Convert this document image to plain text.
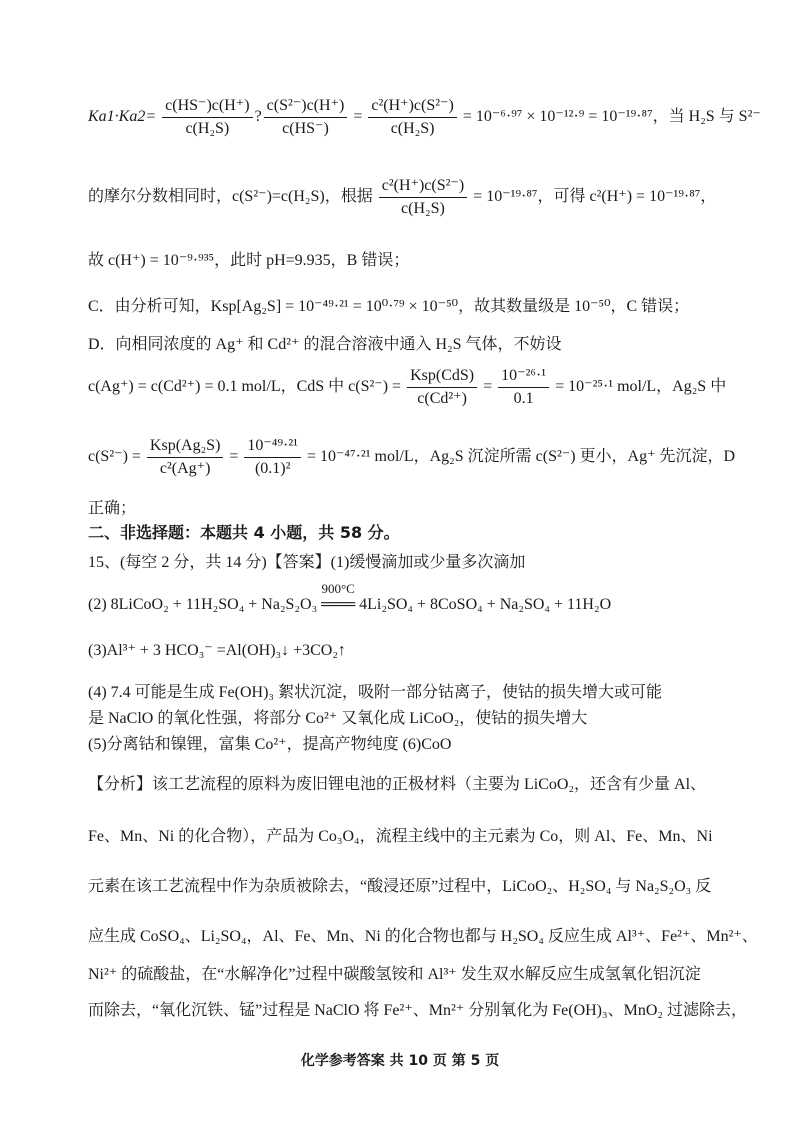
$Ka1\cdot Ka2= \frac{c(HS^-)c(H^+)}{\text{c(H₂S)}}$ ? $\frac{\text{c(S²⁻)c(H⁺)}}{c(HS^-)} = \frac{\text{c²(H⁺)c(S²⁻)}}{\text{c(H₂S)}} = 10^{-6}\cdot^{97} \times 10^{-12}\cdot^9 = 10^{-19}\cdot^{87}$，当 H₂S 与 S²⁻
的摩尔分数相同时，c(S²⁻)=c(H₂S)，根据 $\frac{\text{c²(H⁺)c(S²⁻)}}{\text{c(H₂S)}} = 10^{-19}\cdot^{87}$，可得 c²(H⁺) = 10⁻¹⁹·⁸⁷，
故 c(H⁺) = 10⁻⁹·⁹³⁵，此时 pH=9.935，B 错误；
C．由分析可知，Ksp[Ag₂S] = 10⁻⁴⁹·²¹ = 10⁰·⁷⁹ × 10⁻⁵⁰，故其数量级是 10⁻⁵⁰，C 错误；
D．向相同浓度的 Ag⁺ 和 Cd²⁺ 的混合溶液中通入 H₂S 气体，不妨设
c(Ag⁺) = c(Cd²⁺) = 0.1 mol/L，CdS 中 $c(S^{2-}) = \frac{\text{Ksp(CdS)}}{\text{c(Cd²⁺)}} = \frac{\text{10⁻²⁶·¹}}{0.1} = 10^{-25}\cdot^1$ mol/L，Ag₂S 中
$c(S^{2-}) = \frac{\text{Ksp(Ag₂S)}}{\text{c²(Ag⁺)}} = \frac{\text{10⁻⁴⁹·²¹}}{\text{(0.1)²}} = 10^{-47}\cdot^{21}$ mol/L，Ag₂S 沉淀所需 c(S²⁻) 更小，Ag⁺ 先沉淀，D
正确；
二、非选择题：本题共 4 小题，共 58 分。
15、(每空 2 分，共 14 分)【答案】(1)缓慢滴加或少量多次滴加
(2) 8LiCoO₂ + 11H₂SO₄ + Na₂S₂O₃
900°C
═══ 4Li₂SO₄ + 8CoSO₄ + Na₂SO₄ + 11H₂O
(3)Al³⁺ + 3 HCO₃⁻ =Al(OH)₃↓ +3CO₂↑
(4) 7.4 可能是生成 Fe(OH)₃ 絮状沉淀，吸附一部分钴离子，使钴的损失增大或可能
是 NaClO 的氧化性强，将部分 Co²⁺ 又氧化成 LiCoO₂，使钴的损失增大
(5)分离钴和镍锂，富集 Co²⁺，提高产物纯度 (6)CoO
【分析】该工艺流程的原料为废旧锂电池的正极材料（主要为 LiCoO₂，还含有少量 Al、
Fe、Mn、Ni 的化合物），产品为 Co₃O₄，流程主线中的主元素为 Co，则 Al、Fe、Mn、Ni
元素在该工艺流程中作为杂质被除去，“酸浸还原”过程中，LiCoO₂、H₂SO₄ 与 Na₂S₂O₃ 反
应生成 CoSO₄、Li₂SO₄，Al、Fe、Mn、Ni 的化合物也都与 H₂SO₄ 反应生成 Al³⁺、Fe²⁺、Mn²⁺、
Ni²⁺ 的硫酸盐，在“水解净化”过程中碳酸氢铵和 Al³⁺ 发生双水解反应生成氢氧化铝沉淀
而除去，“氧化沉铁、锰”过程是 NaClO 将 Fe²⁺、Mn²⁺ 分别氧化为 Fe(OH)₃、MnO₂ 过滤除去，
化学参考答案 共 10 页 第 5 页
